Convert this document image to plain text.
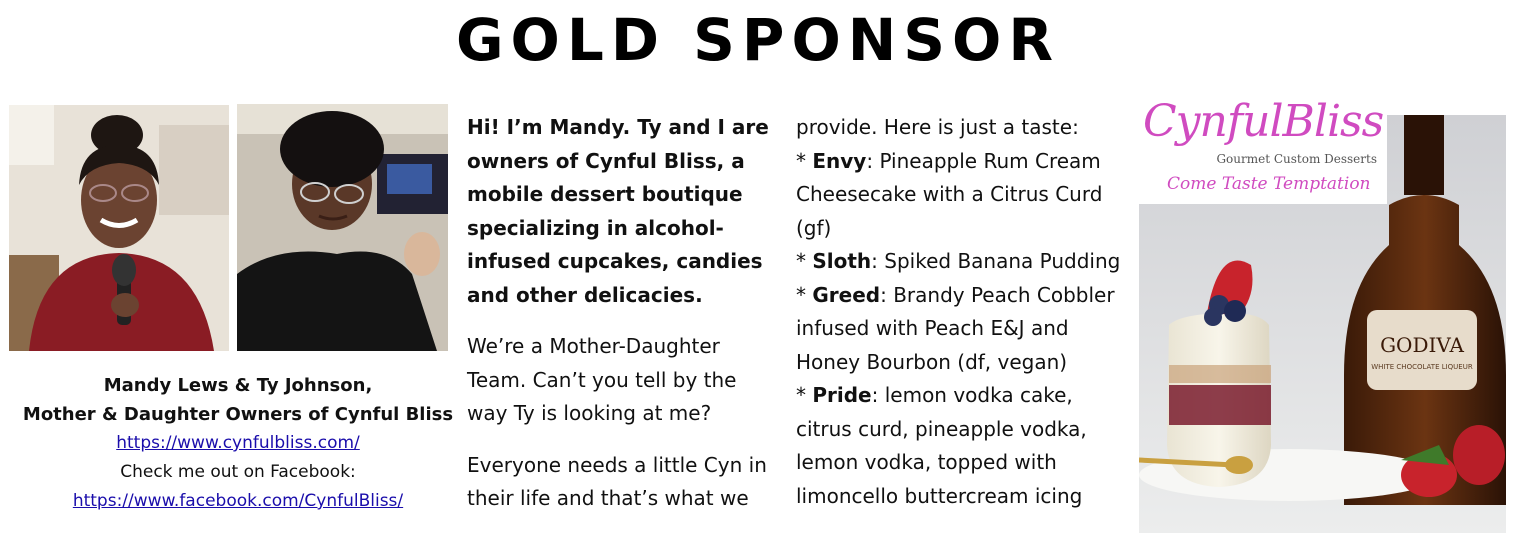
GOLD SPONSOR
Mandy Lews & Ty Johnson,
Mother & Daughter Owners of Cynful Bliss
https://www.cynfulbliss.com/
Check me out on Facebook:
https://www.facebook.com/CynfulBliss/

Hi! I’m Mandy. Ty and I are
owners of Cynful Bliss, a
mobile dessert boutique
specializing in alcohol-
infused cupcakes, candies
and other delicacies.

We’re a Mother-Daughter
Team. Can’t you tell by the
way Ty is looking at me?

Everyone needs a little Cyn in
their life and that’s what we

provide. Here is just a taste:
* Envy: Pineapple Rum Cream
Cheesecake with a Citrus Curd
(gf)
* Sloth: Spiked Banana Pudding
* Greed: Brandy Peach Cobbler
infused with Peach E&J and
Honey Bourbon (df, vegan)
* Pride: lemon vodka cake,
citrus curd, pineapple vodka,
lemon vodka, topped with
limoncello buttercream icing
GODIVA
WHITE CHOCOLATE LIQUEUR
CynfulBliss
Gourmet Custom Desserts
Come Taste Temptation
